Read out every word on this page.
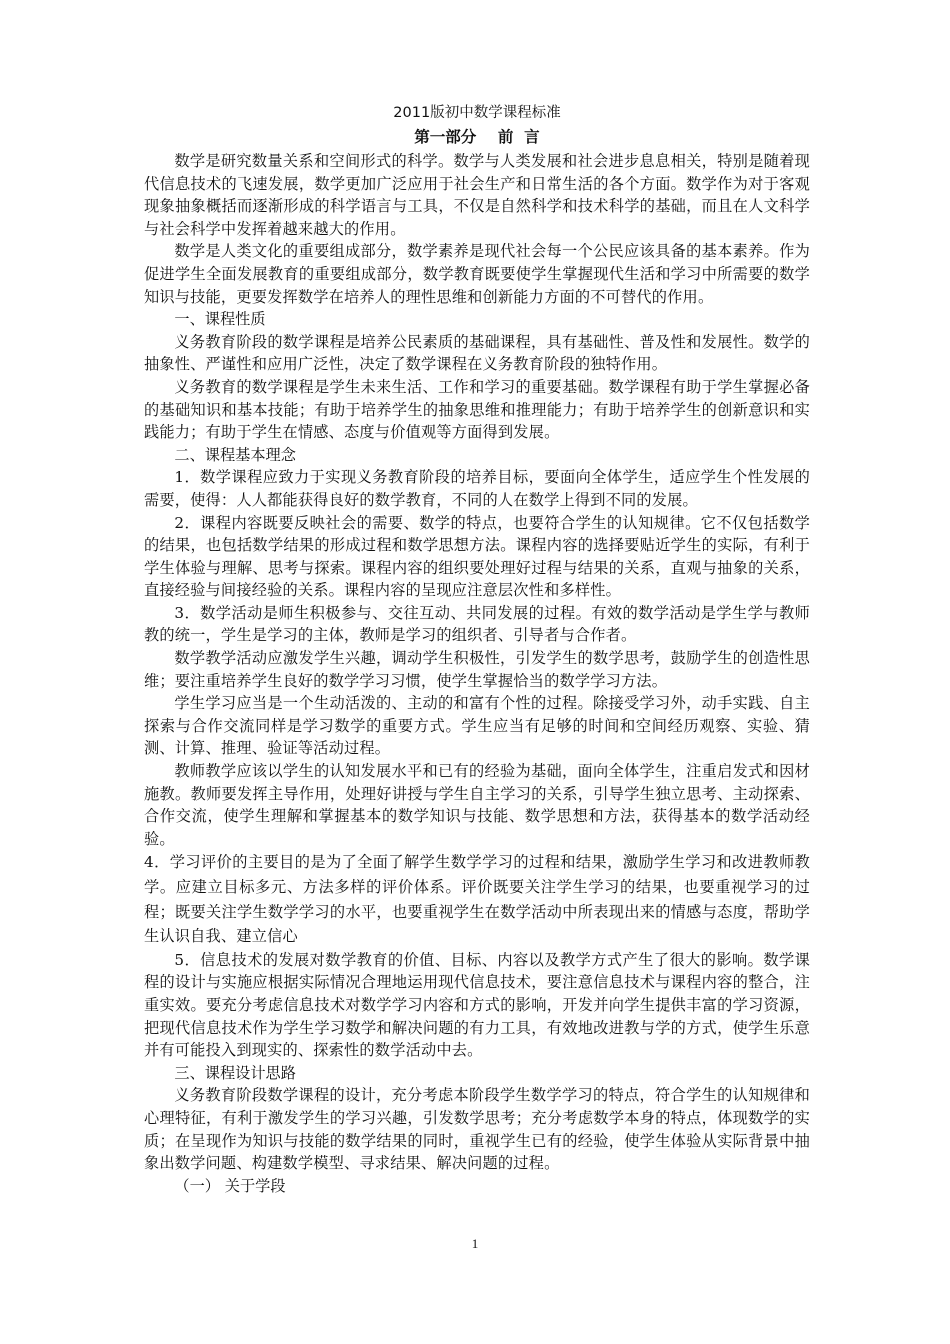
2011版初中数学课程标准
第一部分    前  言

数学是研究数量关系和空间形式的科学。数学与人类发展和社会进步息息相关，特别是随着现代信息技术的飞速发展，数学更加广泛应用于社会生产和日常生活的各个方面。数学作为对于客观现象抽象概括而逐渐形成的科学语言与工具，不仅是自然科学和技术科学的基础，而且在人文科学与社会科学中发挥着越来越大的作用。

数学是人类文化的重要组成部分，数学素养是现代社会每一个公民应该具备的基本素养。作为促进学生全面发展教育的重要组成部分，数学教育既要使学生掌握现代生活和学习中所需要的数学知识与技能，更要发挥数学在培养人的理性思维和创新能力方面的不可替代的作用。

一、课程性质

义务教育阶段的数学课程是培养公民素质的基础课程，具有基础性、普及性和发展性。数学的抽象性、严谨性和应用广泛性，决定了数学课程在义务教育阶段的独特作用。

义务教育的数学课程是学生未来生活、工作和学习的重要基础。数学课程有助于学生掌握必备的基础知识和基本技能；有助于培养学生的抽象思维和推理能力；有助于培养学生的创新意识和实践能力；有助于学生在情感、态度与价值观等方面得到发展。

二、课程基本理念

1．数学课程应致力于实现义务教育阶段的培养目标，要面向全体学生，适应学生个性发展的需要，使得：人人都能获得良好的数学教育，不同的人在数学上得到不同的发展。

2．课程内容既要反映社会的需要、数学的特点，也要符合学生的认知规律。它不仅包括数学的结果，也包括数学结果的形成过程和数学思想方法。课程内容的选择要贴近学生的实际，有利于学生体验与理解、思考与探索。课程内容的组织要处理好过程与结果的关系，直观与抽象的关系，直接经验与间接经验的关系。课程内容的呈现应注意层次性和多样性。

3．数学活动是师生积极参与、交往互动、共同发展的过程。有效的数学活动是学生学与教师教的统一，学生是学习的主体，教师是学习的组织者、引导者与合作者。

数学教学活动应激发学生兴趣，调动学生积极性，引发学生的数学思考，鼓励学生的创造性思维；要注重培养学生良好的数学学习习惯，使学生掌握恰当的数学学习方法。

学生学习应当是一个生动活泼的、主动的和富有个性的过程。除接受学习外，动手实践、自主探索与合作交流同样是学习数学的重要方式。学生应当有足够的时间和空间经历观察、实验、猜测、计算、推理、验证等活动过程。

教师教学应该以学生的认知发展水平和已有的经验为基础，面向全体学生，注重启发式和因材施教。教师要发挥主导作用，处理好讲授与学生自主学习的关系，引导学生独立思考、主动探索、合作交流，使学生理解和掌握基本的数学知识与技能、数学思想和方法，获得基本的数学活动经验。

4．学习评价的主要目的是为了全面了解学生数学学习的过程和结果，激励学生学习和改进教师教学。应建立目标多元、方法多样的评价体系。评价既要关注学生学习的结果，也要重视学习的过程；既要关注学生数学学习的水平，也要重视学生在数学活动中所表现出来的情感与态度，帮助学生认识自我、建立信心

5．信息技术的发展对数学教育的价值、目标、内容以及教学方式产生了很大的影响。数学课程的设计与实施应根据实际情况合理地运用现代信息技术，要注意信息技术与课程内容的整合，注重实效。要充分考虑信息技术对数学学习内容和方式的影响，开发并向学生提供丰富的学习资源，把现代信息技术作为学生学习数学和解决问题的有力工具，有效地改进教与学的方式，使学生乐意并有可能投入到现实的、探索性的数学活动中去。

三、课程设计思路

义务教育阶段数学课程的设计，充分考虑本阶段学生数学学习的特点，符合学生的认知规律和心理特征，有利于激发学生的学习兴趣，引发数学思考；充分考虑数学本身的特点，体现数学的实质；在呈现作为知识与技能的数学结果的同时，重视学生已有的经验，使学生体验从实际背景中抽象出数学问题、构建数学模型、寻求结果、解决问题的过程。

（一） 关于学段

1
